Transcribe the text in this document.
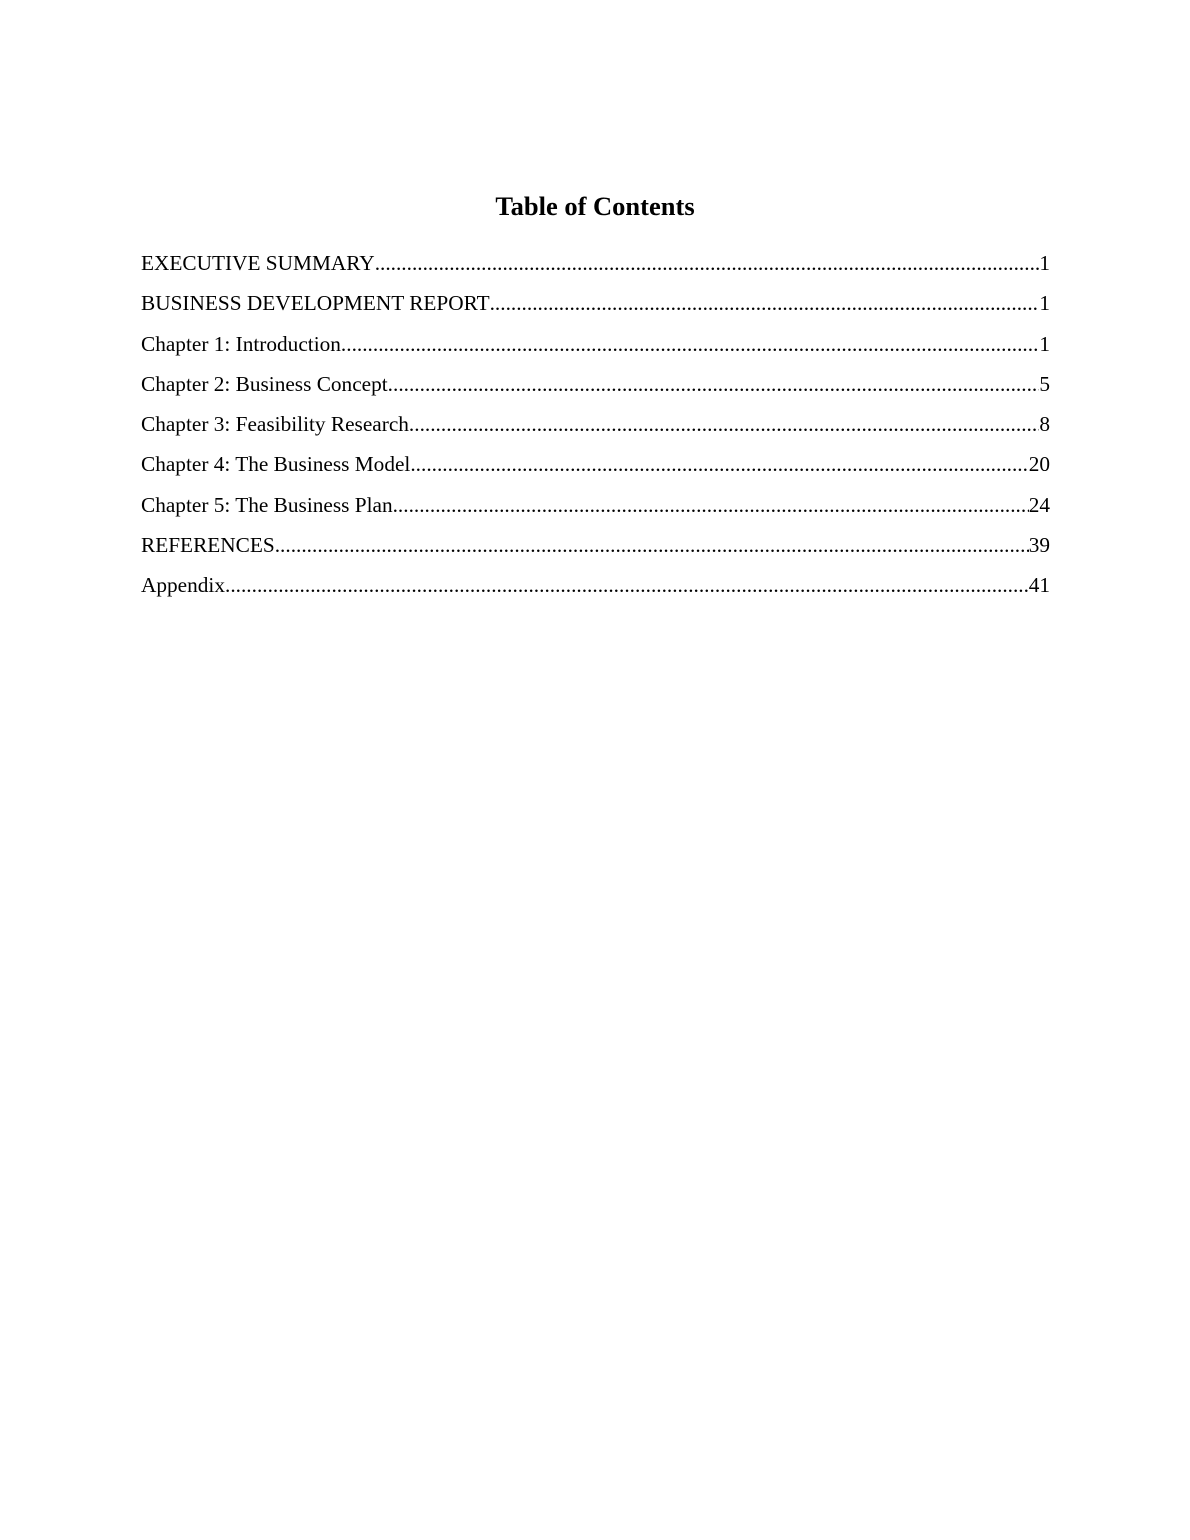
Table of Contents
EXECUTIVE SUMMARY .....	1
BUSINESS DEVELOPMENT REPORT .....	1
Chapter 1: Introduction .....	1
Chapter 2: Business Concept .....	5
Chapter 3: Feasibility Research .....	8
Chapter 4: The Business Model .....	20
Chapter 5: The Business Plan .....	24
REFERENCES .....	39
Appendix .....	41
